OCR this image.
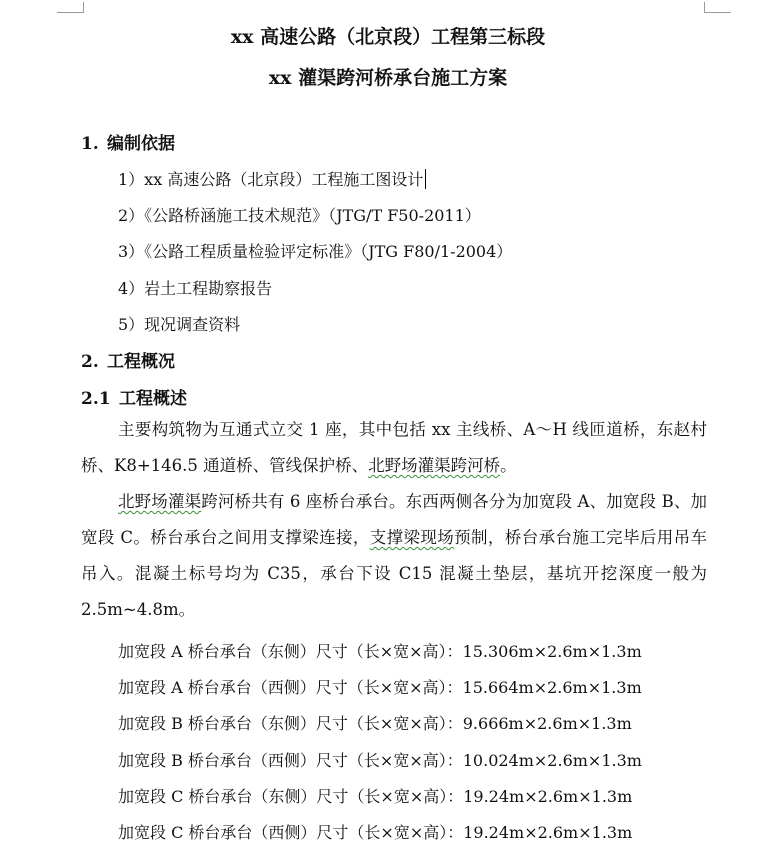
xx 高速公路（北京段）工程第三标段
xx 灌渠跨河桥承台施工方案
1. 编制依据
1）xx 高速公路（北京段）工程施工图设计
2）《公路桥涵施工技术规范》（JTG/T F50-2011）
3）《公路工程质量检验评定标准》（JTG F80/1-2004）
4）岩土工程勘察报告
5）现况调查资料
2. 工程概况
2.1 工程概述
主要构筑物为互通式立交 1 座，其中包括 xx 主线桥、A～H 线匝道桥，东赵村桥、K8+146.5 通道桥、管线保护桥、北野场灌渠跨河桥。
北野场灌渠跨河桥共有 6 座桥台承台。东西两侧各分为加宽段 A、加宽段 B、加宽段 C。桥台承台之间用支撑梁连接，支撑梁现场预制，桥台承台施工完毕后用吊车吊入。混凝土标号均为 C35，承台下设 C15 混凝土垫层，基坑开挖深度一般为 2.5m~4.8m。
加宽段 A 桥台承台（东侧）尺寸（长×宽×高）：15.306m×2.6m×1.3m
加宽段 A 桥台承台（西侧）尺寸（长×宽×高）：15.664m×2.6m×1.3m
加宽段 B 桥台承台（东侧）尺寸（长×宽×高）：9.666m×2.6m×1.3m
加宽段 B 桥台承台（西侧）尺寸（长×宽×高）：10.024m×2.6m×1.3m
加宽段 C 桥台承台（东侧）尺寸（长×宽×高）：19.24m×2.6m×1.3m
加宽段 C 桥台承台（西侧）尺寸（长×宽×高）：19.24m×2.6m×1.3m
